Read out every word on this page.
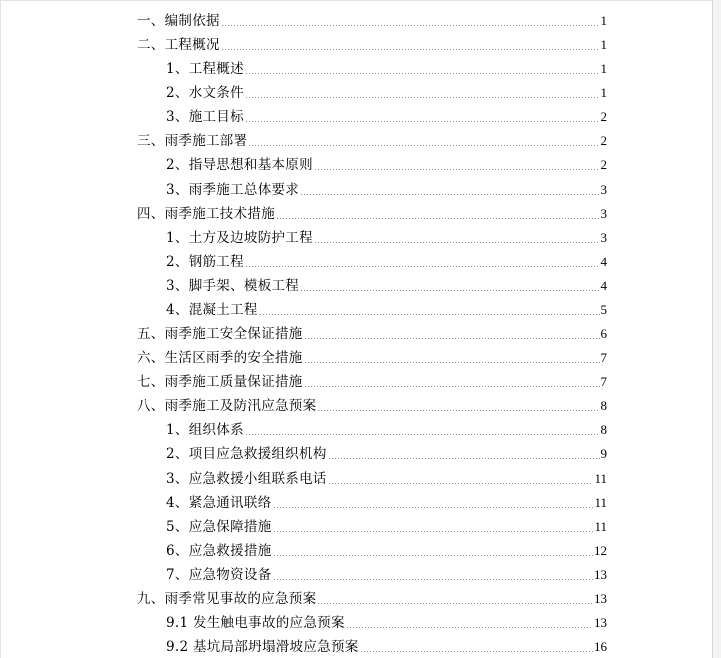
一、编制依据	1
二、工程概况	1
1、工程概述	1
2、水文条件	1
3、施工目标	2
三、雨季施工部署	2
2、指导思想和基本原则	2
3、雨季施工总体要求	3
四、雨季施工技术措施	3
1、土方及边坡防护工程	3
2、钢筋工程	4
3、脚手架、模板工程	4
4、混凝土工程	5
五、雨季施工安全保证措施	6
六、生活区雨季的安全措施	7
七、雨季施工质量保证措施	7
八、雨季施工及防汛应急预案	8
1、组织体系	8
2、项目应急救援组织机构	9
3、应急救援小组联系电话	11
4、紧急通讯联络	11
5、应急保障措施	11
6、应急救援措施	12
7、应急物资设备	13
九、雨季常见事故的应急预案	13
9.1 发生触电事故的应急预案	13
9.2 基坑局部坍塌滑坡应急预案	16
